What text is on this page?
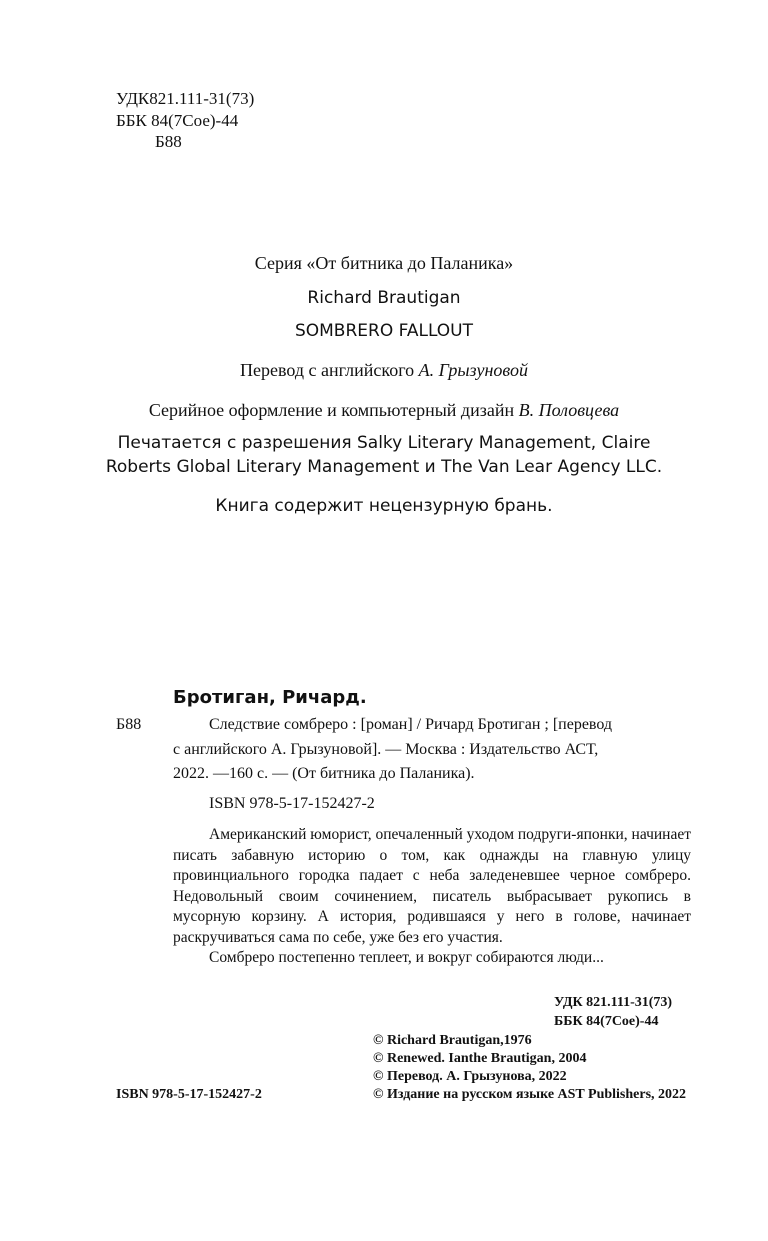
УДК821.111-31(73)
ББК 84(7Сое)-44
Б88
Серия «От битника до Паланика»
Richard Brautigan
SOMBRERO FALLOUT
Перевод с английского А. Грызуновой
Серийное оформление и компьютерный дизайн В. Половцева
Печатается с разрешения Salky Literary Management, Claire
Roberts Global Literary Management и The Van Lear Agency LLC.
Книга содержит нецензурную брань.
Бротиган, Ричард.
Б88	Следствие сомбреро : [роман] / Ричард Бротиган ; [перевод
с английского А. Грызуновой]. — Москва : Издательство АСТ,
2022. —160 с. — (От битника до Паланика).
ISBN 978-5-17-152427-2

Американский юморист, опечаленный уходом подруги-японки, начинает писать забавную историю о том, как однажды на главную улицу провинциального городка падает с неба заледеневшее черное сомбреро. Недовольный своим сочинением, писатель выбрасывает рукопись в мусорную корзину. А история, родившаяся у него в голове, начинает раскручиваться сама по себе, уже без его участия.

Сомбреро постепенно теплеет, и вокруг собираются люди...

УДК 821.111-31(73)
ББК 84(7Сое)-44
© Richard Brautigan,1976
© Renewed. Ianthe Brautigan, 2004
© Перевод. А. Грызунова, 2022
ISBN 978-5-17-152427-2	© Издание на русском языке AST Publishers, 2022
